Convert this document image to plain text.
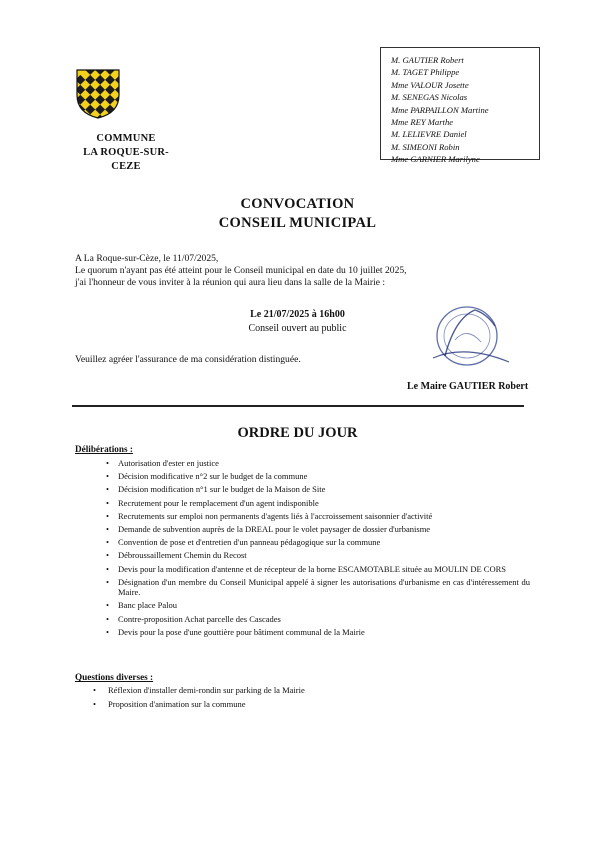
COMMUNE
LA ROQUE-SUR-CEZE
M. GAUTIER Robert
M. TAGET Philippe
Mme VALOUR Josette
M. SENEGAS Nicolas
Mme PARPAILLON Martine
Mme REY Marthe
M. LELIEVRE Daniel
M. SIMEONI Robin
Mme GARNIER Marilyne
CONVOCATION
CONSEIL MUNICIPAL
A La Roque-sur-Cèze, le 11/07/2025,
Le quorum n'ayant pas été atteint pour le Conseil municipal en date du 10 juillet 2025,
j'ai l'honneur de vous inviter à la réunion qui aura lieu dans la salle de la Mairie :
Le 21/07/2025 à 16h00
Conseil ouvert au public
Veuillez agréer l'assurance de ma considération distinguée.
Le Maire GAUTIER Robert
ORDRE DU JOUR
Délibérations :
• Autorisation d'ester en justice
• Décision modificative n°2 sur le budget de la commune
• Décision modification n°1 sur le budget de la Maison de Site
• Recrutement pour le remplacement d'un agent indisponible
• Recrutements sur emploi non permanents d'agents liés à l'accroissement saisonnier d'activité
• Demande de subvention auprès de la DREAL pour le volet paysager de dossier d'urbanisme
• Convention de pose et d'entretien d'un panneau pédagogique sur la commune
• Débroussaillement Chemin du Recost
• Devis pour la modification d'antenne et de récepteur de la borne ESCAMOTABLE située au MOULIN DE CORS
• Désignation d'un membre du Conseil Municipal appelé à signer les autorisations d'urbanisme en cas d'intéressement du Maire.
• Banc place Palou
• Contre-proposition Achat parcelle des Cascades
• Devis pour la pose d'une gouttière pour bâtiment communal de la Mairie
Questions diverses :
• Réflexion d'installer demi-rondin sur parking de la Mairie
• Proposition d'animation sur la commune
